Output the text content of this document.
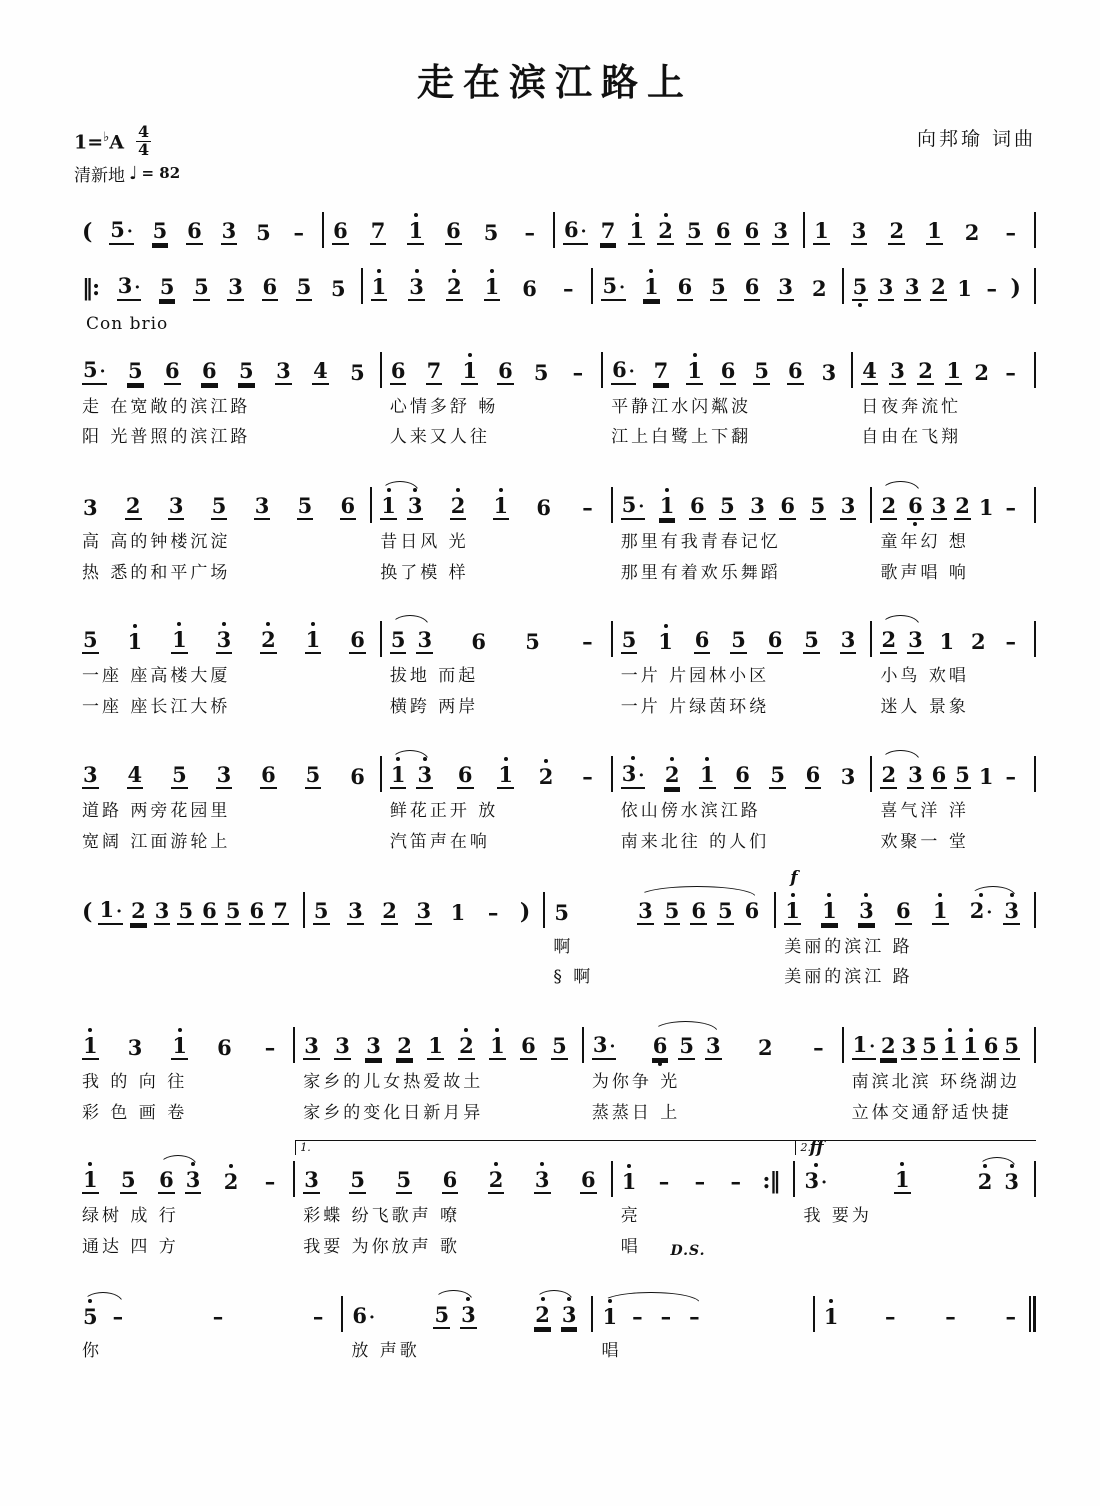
走在滨江路上
$1=^♭A \frac{4}{4}$	向邦瑜 词曲
清新地 ♩ = 82
( 5 · 5 6 3 5 – 6 7 1 6 5 – 6 · 7 1 2 5 6 6 3 1 3 2 1 2 –
‖: 3 · 5 5 3 6 5 5 1 3 2 1 6 – 5 · 1 6 5 6 3 2 5 3 3 2 1 – )
Con brio
5 · 5 6 6 5 3 4 5 6 7 1 6 5 – 6 · 7 1 6 5 6 3 4 3 2 1 2 –
走 在宽敞的滨江路	心情多舒 畅	平静江水闪粼波	日夜奔流忙
阳 光普照的滨江路	人来又人往	江上白鹭上下翻	自由在飞翔
3 2 3 5 3 5 6 1 3 2 1 6 – 5 · 1 6 5 3 6 5 3 2 6 3 2 1 –
高 高的钟楼沉淀	昔日风 光	那里有我青春记忆	童年幻 想
热 悉的和平广场	换了模 样	那里有着欢乐舞蹈	歌声唱 响
5 1 1 3 2 1 6 5 3 6 5 – 5 1 6 5 6 5 3 2 3 1 2 –
一座 座高楼大厦	拔地 而起	一片 片园林小区	小鸟 欢唱
一座 座长江大桥	横跨 两岸	一片 片绿茵环绕	迷人 景象
3 4 5 3 6 5 6 1 3 6 1 2 – 3 · 2 1 6 5 6 3 2 3 6 5 1 –
道路 两旁花园里	鲜花正开 放	依山傍水滨江路	喜气洋 洋
宽阔 江面游轮上	汽笛声在响	南来北往 的人们	欢聚一 堂
( 1 · 2 3 5 6 5 6 7 5 3 2 3 1 – ) 5	3 5 6 5 6
f
1 1 3 6 1 2 · 3
啊	美丽的滨江 路
§ 啊	美丽的滨江 路
1 3 1 6 – 3 3 3 2 1 2 1 6 5 3 · 6 5 3 2 – 1 · 2 3 5 1 1 6 5
我 的 向 往	家乡的儿女热爱故土	为你争 光	南滨北滨 环绕湖边
彩 色 画 卷	家乡的变化日新月异	蒸蒸日 上	立体交通舒适快捷
1 5 6 3 2 –
1.
3 5 5 6 2 3 6 1 – – – :‖
2.
ff
3 ·	1	2 3
绿树 成 行	彩蝶 纷飞歌声 嘹	亮	我 要为
通达 四 方	我要 为你放声 歌	唱	D.S.
5 –	–	– 6 ·	5 3	2 3 1 – – –	1 – – –
你	放 声歌	唱
